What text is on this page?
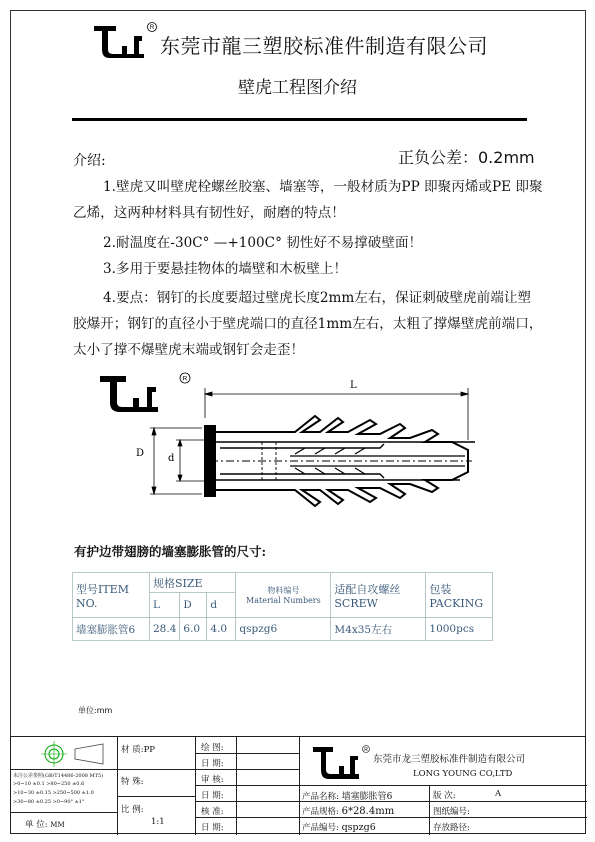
R
东莞市龍三塑胶标准件制造有限公司
壁虎工程图介绍
正负公差：0.2mm
介绍:
1.壁虎又叫壁虎栓螺丝胶塞、墙塞等，一般材质为PP 即聚丙烯或PE 即聚乙烯，这两种材料具有韧性好，耐磨的特点！
2.耐温度在-30C° —+100C° 韧性好不易撑破壁面！
3.多用于要悬挂物体的墙壁和木板壁上！
4.要点：钢钉的长度要超过壁虎长度2mm左右，保证刺破壁虎前端让塑胶爆开；钢钉的直径小于壁虎端口的直径1mm左右，太粗了撑爆壁虎前端口，太小了撑不爆壁虎末端或钢钉会走歪！
R
L
D d
有护边带翅膀的墙塞膨胀管的尺寸:
型号ITEM NO.	规格SIZE			物料编号
Material Numbers	适配自攻螺丝 SCREW	包装 PACKING
	L	D	d			
墙塞膨胀管6	28.4	6.0	4.0	qspzg6	M4x35左右	1000pcs
单位:mm
未注公差参照(GB/T14486-2008 MT5)
>0~10 ±0.1 >80~250 ±0.6
>10~30 ±0.15 >250~500 ±1.0
>30~80 ±0.25 >0~90° ±1°
单 位: MM
材 质:PP
特 殊:
比 例:
1:1
绘 图:
日 期:
审 核:
日 期:
核 准:
日 期:
R
东莞市龙三塑胶标准件制造有限公司
LONG YOUNG CO,LTD
产品名称: 墙塞膨胀管6
产品规格: 6*28.4mm
产品编号: qspzg6
版 次:	A
图纸编号:
存放路径:
